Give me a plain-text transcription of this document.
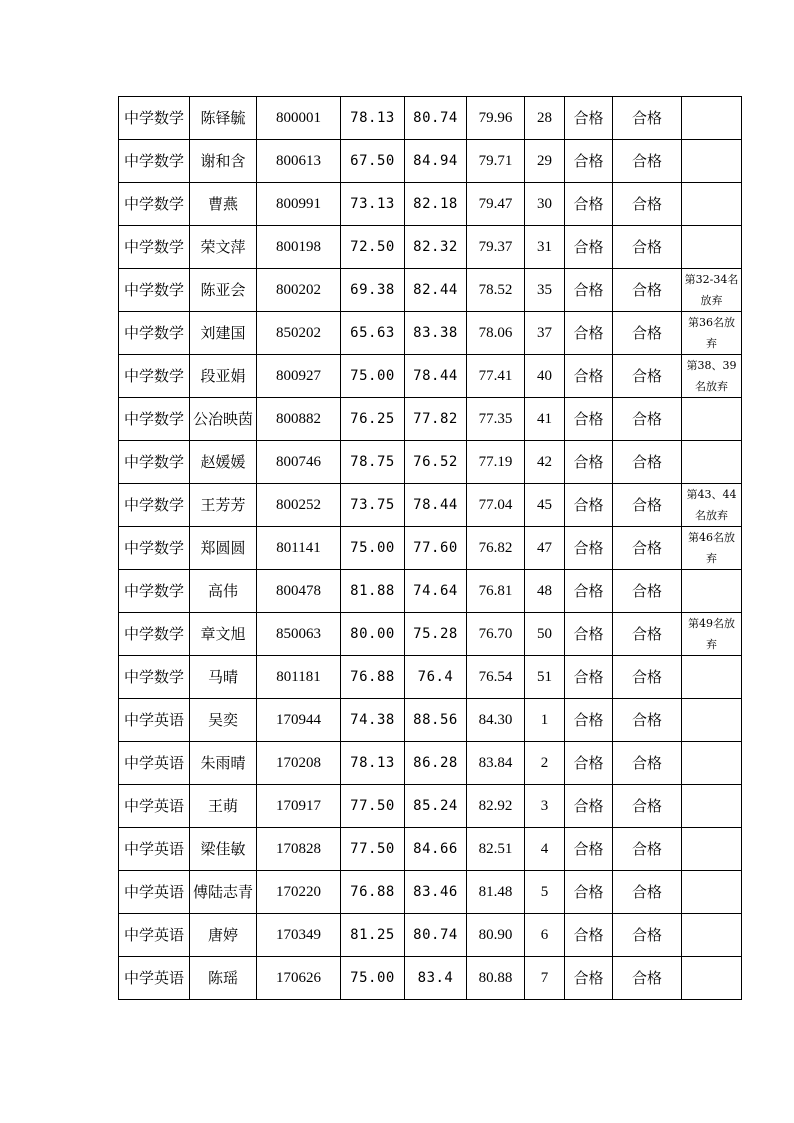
中学数学	陈铎毓	800001	78.13	80.74	79.96	28	合格	合格	
中学数学	谢和含	800613	67.50	84.94	79.71	29	合格	合格	
中学数学	曹燕	800991	73.13	82.18	79.47	30	合格	合格	
中学数学	荣文萍	800198	72.50	82.32	79.37	31	合格	合格	
中学数学	陈亚会	800202	69.38	82.44	78.52	35	合格	合格	第32-34名放弃
中学数学	刘建国	850202	65.63	83.38	78.06	37	合格	合格	第36名放弃
中学数学	段亚娟	800927	75.00	78.44	77.41	40	合格	合格	第38、39名放弃
中学数学	公冶映茵	800882	76.25	77.82	77.35	41	合格	合格	
中学数学	赵媛媛	800746	78.75	76.52	77.19	42	合格	合格	
中学数学	王芳芳	800252	73.75	78.44	77.04	45	合格	合格	第43、44名放弃
中学数学	郑圆圆	801141	75.00	77.60	76.82	47	合格	合格	第46名放弃
中学数学	高伟	800478	81.88	74.64	76.81	48	合格	合格	
中学数学	章文旭	850063	80.00	75.28	76.70	50	合格	合格	第49名放弃
中学数学	马晴	801181	76.88	76.4	76.54	51	合格	合格	
中学英语	吴奕	170944	74.38	88.56	84.30	1	合格	合格	
中学英语	朱雨晴	170208	78.13	86.28	83.84	2	合格	合格	
中学英语	王萌	170917	77.50	85.24	82.92	3	合格	合格	
中学英语	梁佳敏	170828	77.50	84.66	82.51	4	合格	合格	
中学英语	傅陆志青	170220	76.88	83.46	81.48	5	合格	合格	
中学英语	唐婷	170349	81.25	80.74	80.90	6	合格	合格	
中学英语	陈瑶	170626	75.00	83.4	80.88	7	合格	合格	
